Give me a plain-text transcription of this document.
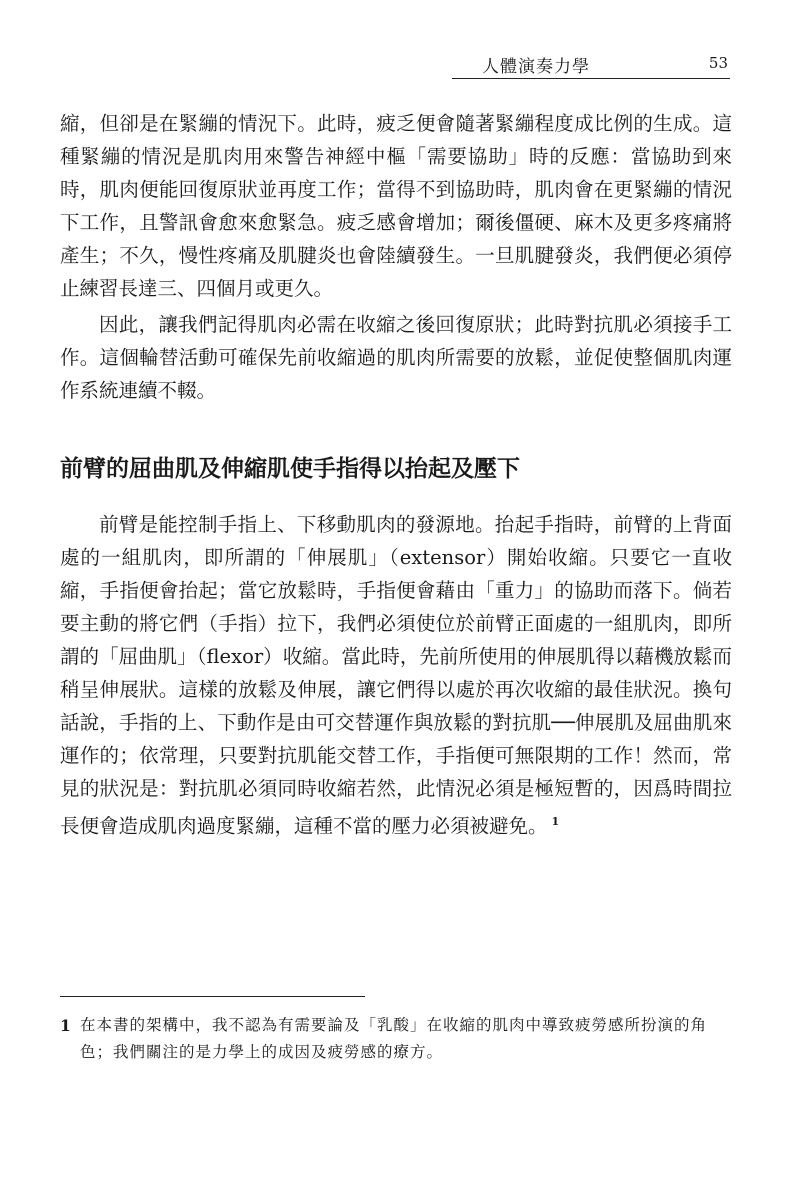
人體演奏力學	53

縮，但卻是在緊繃的情況下。此時，疲乏便會隨著緊繃程度成比例的生成。這種緊繃的情況是肌肉用來警告神經中樞「需要協助」時的反應：當協助到來時，肌肉便能回復原狀並再度工作；當得不到協助時，肌肉會在更緊繃的情況下工作，且警訊會愈來愈緊急。疲乏感會增加；爾後僵硬、麻木及更多疼痛將產生；不久，慢性疼痛及肌腱炎也會陸續發生。一旦肌腱發炎，我們便必須停止練習長達三、四個月或更久。

因此，讓我們記得肌肉必需在收縮之後回復原狀；此時對抗肌必須接手工作。這個輪替活動可確保先前收縮過的肌肉所需要的放鬆，並促使整個肌肉運作系統連續不輟。

前臂的屈曲肌及伸縮肌使手指得以抬起及壓下

前臂是能控制手指上、下移動肌肉的發源地。抬起手指時，前臂的上背面處的一組肌肉，即所謂的「伸展肌」（extensor）開始收縮。只要它一直收縮，手指便會抬起；當它放鬆時，手指便會藉由「重力」的協助而落下。倘若要主動的將它們（手指）拉下，我們必須使位於前臂正面處的一組肌肉，即所謂的「屈曲肌」（flexor）收縮。當此時，先前所使用的伸展肌得以藉機放鬆而稍呈伸展狀。這樣的放鬆及伸展，讓它們得以處於再次收縮的最佳狀況。換句話說，手指的上、下動作是由可交替運作與放鬆的對抗肌──伸展肌及屈曲肌來運作的；依常理，只要對抗肌能交替工作，手指便可無限期的工作！然而，常見的狀況是：對抗肌必須同時收縮若然，此情況必須是極短暫的，因爲時間拉長便會造成肌肉過度緊繃，這種不當的壓力必須被避免。 $^1$

1 在本書的架構中，我不認為有需要論及「乳酸」在收縮的肌肉中導致疲勞感所扮演的角色；我們關注的是力學上的成因及疲勞感的療方。
